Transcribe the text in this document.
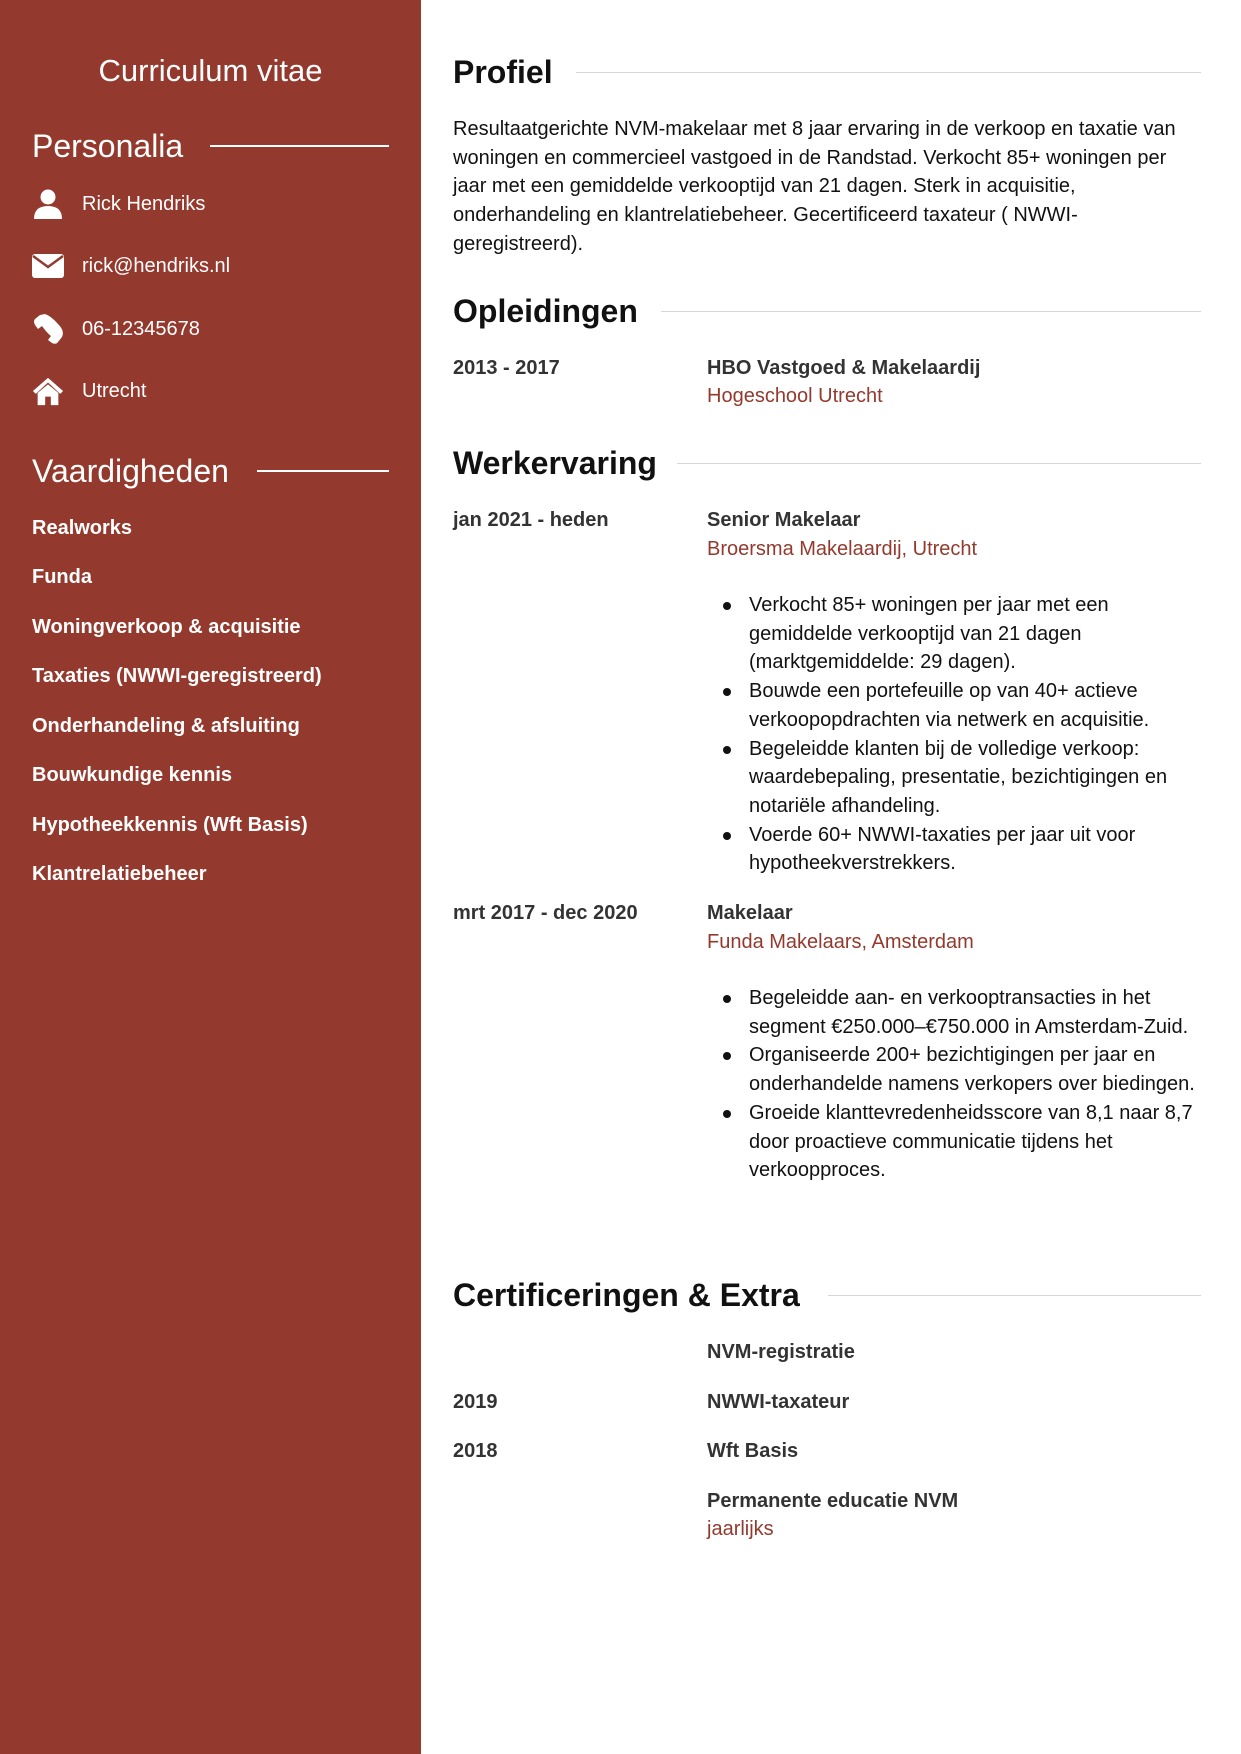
Curriculum vitae
Personalia
Rick Hendriks
rick@hendriks.nl
06-12345678
Utrecht
Vaardigheden
Realworks
Funda
Woningverkoop & acquisitie
Taxaties (NWWI-geregistreerd)
Onderhandeling & afsluiting
Bouwkundige kennis
Hypotheekkennis (Wft Basis)
Klantrelatiebeheer
Profiel
Resultaatgerichte NVM-makelaar met 8 jaar ervaring in de verkoop en taxatie van woningen en commercieel vastgoed in de Randstad. Verkocht 85+ woningen per jaar met een gemiddelde verkooptijd van 21 dagen. Sterk in acquisitie, onderhandeling en klantrelatiebeheer. Gecertificeerd taxateur ( NWWI-geregistreerd).
Opleidingen
2013 - 2017	HBO Vastgoed & Makelaardij
Hogeschool Utrecht
Werkervaring
jan 2021 - heden	Senior Makelaar
Broersma Makelaardij, Utrecht
Verkocht 85+ woningen per jaar met een gemiddelde verkooptijd van 21 dagen (marktgemiddelde: 29 dagen).
Bouwde een portefeuille op van 40+ actieve verkoopopdrachten via netwerk en acquisitie.
Begeleidde klanten bij de volledige verkoop: waardebepaling, presentatie, bezichtigingen en notariële afhandeling.
Voerde 60+ NWWI-taxaties per jaar uit voor hypotheekverstrekkers.
mrt 2017 - dec 2020	Makelaar
Funda Makelaars, Amsterdam
Begeleidde aan- en verkooptransacties in het segment €250.000–€750.000 in Amsterdam-Zuid.
Organiseerde 200+ bezichtigingen per jaar en onderhandelde namens verkopers over biedingen.
Groeide klanttevredenheidsscore van 8,1 naar 8,7 door proactieve communicatie tijdens het verkoopproces.
Certificeringen & Extra
NVM-registratie
2019	NWWI-taxateur
2018	Wft Basis
Permanente educatie NVM
jaarlijks
